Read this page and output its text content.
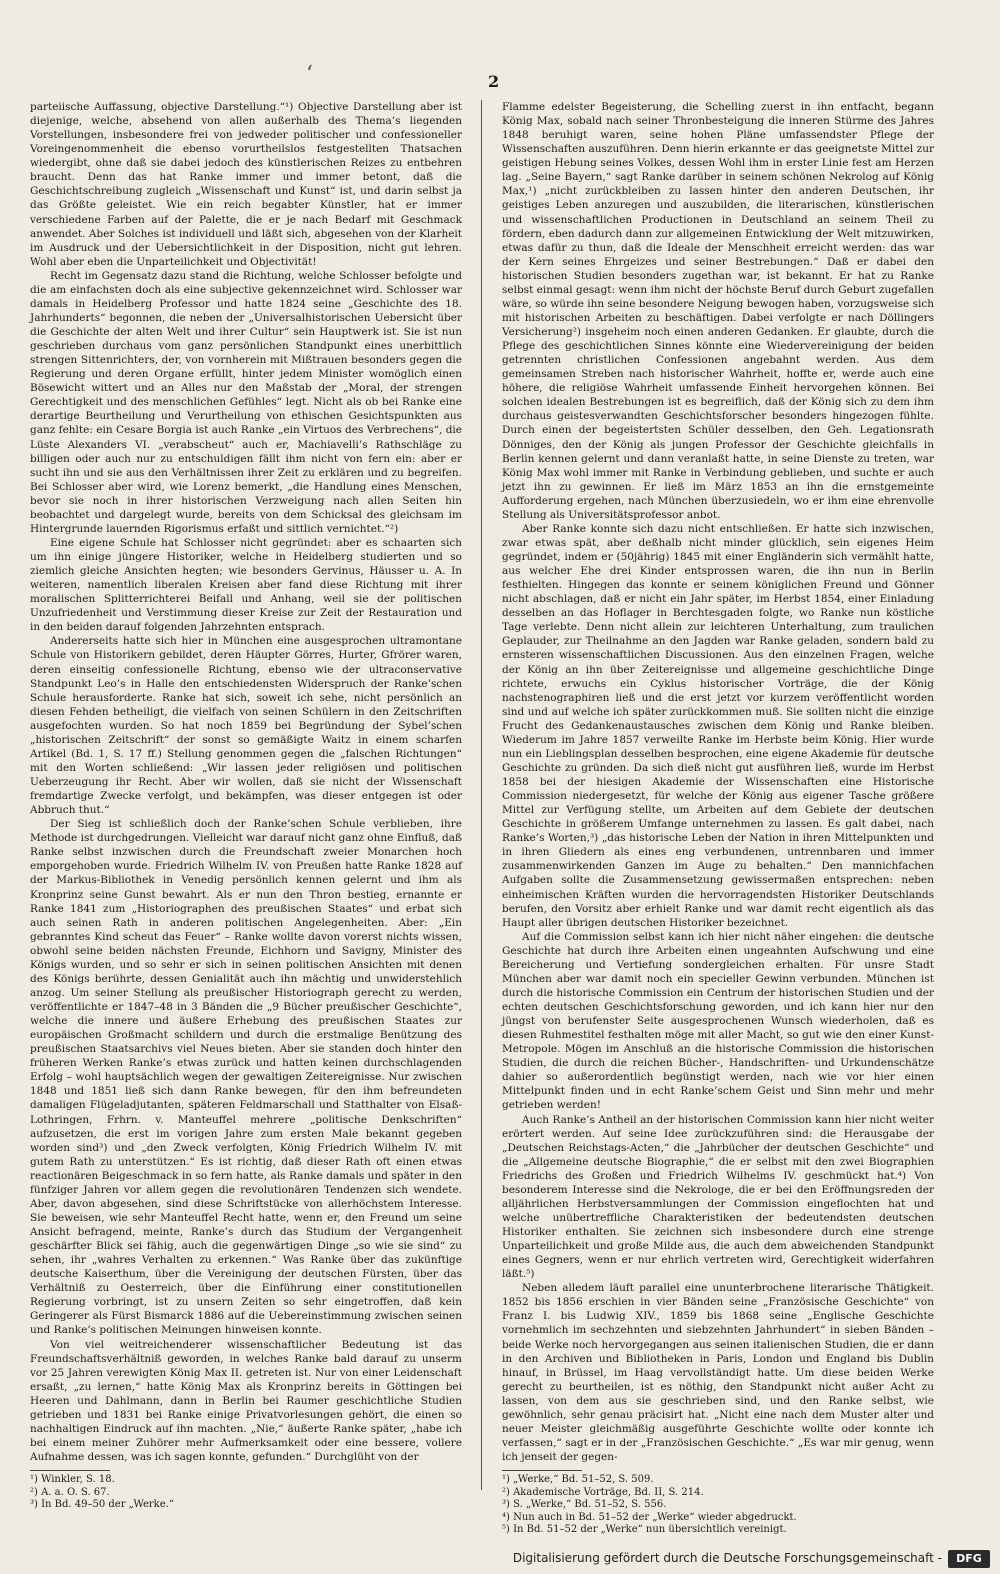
‘	2

parteiische Auffassung, objective Darstellung.“¹) Objective Darstellung aber ist diejenige, welche, absehend von allen außerhalb des Thema’s liegenden Vorstellungen, insbesondere frei von jedweder politischer und confessioneller Voreingenommenheit die ebenso vorurtheilslos festgestellten Thatsachen wiedergibt, ohne daß sie dabei jedoch des künstlerischen Reizes zu entbehren braucht. Denn das hat Ranke immer und immer betont, daß die Geschichtschreibung zugleich „Wissenschaft und Kunst“ ist, und darin selbst ja das Größte geleistet. Wie ein reich begabter Künstler, hat er immer verschiedene Farben auf der Palette, die er je nach Bedarf mit Geschmack anwendet. Aber Solches ist individuell und läßt sich, abgesehen von der Klarheit im Ausdruck und der Uebersichtlichkeit in der Disposition, nicht gut lehren. Wohl aber eben die Unparteilichkeit und Objectivität!

Recht im Gegensatz dazu stand die Richtung, welche Schlosser befolgte und die am einfachsten doch als eine subjective gekennzeichnet wird. Schlosser war damals in Heidelberg Professor und hatte 1824 seine „Geschichte des 18. Jahrhunderts“ begonnen, die neben der „Universalhistorischen Uebersicht über die Geschichte der alten Welt und ihrer Cultur“ sein Hauptwerk ist. Sie ist nun geschrieben durchaus vom ganz persönlichen Standpunkt eines unerbittlich strengen Sittenrichters, der, von vornherein mit Mißtrauen besonders gegen die Regierung und deren Organe erfüllt, hinter jedem Minister womöglich einen Bösewicht wittert und an Alles nur den Maßstab der „Moral, der strengen Gerechtigkeit und des menschlichen Gefühles“ legt. Nicht als ob bei Ranke eine derartige Beurtheilung und Verurtheilung von ethischen Gesichtspunkten aus ganz fehlte: ein Cesare Borgia ist auch Ranke „ein Virtuos des Verbrechens“, die Lüste Alexanders VI. „verabscheut“ auch er, Machiavelli’s Rathschläge zu billigen oder auch nur zu entschuldigen fällt ihm nicht von fern ein: aber er sucht ihn und sie aus den Verhältnissen ihrer Zeit zu erklären und zu begreifen. Bei Schlosser aber wird, wie Lorenz bemerkt, „die Handlung eines Menschen, bevor sie noch in ihrer historischen Verzweigung nach allen Seiten hin beobachtet und dargelegt wurde, bereits von dem Schicksal des gleichsam im Hintergrunde lauernden Rigorismus erfaßt und sittlich vernichtet.“²)

Eine eigene Schule hat Schlosser nicht gegründet: aber es schaarten sich um ihn einige jüngere Historiker, welche in Heidelberg studierten und so ziemlich gleiche Ansichten hegten; wie besonders Gervinus, Häusser u. A. In weiteren, namentlich liberalen Kreisen aber fand diese Richtung mit ihrer moralischen Splitterrichterei Beifall und Anhang, weil sie der politischen Unzufriedenheit und Verstimmung dieser Kreise zur Zeit der Restauration und in den beiden darauf folgenden Jahrzehnten entsprach.

Andererseits hatte sich hier in München eine ausgesprochen ultramontane Schule von Historikern gebildet, deren Häupter Görres, Hurter, Gfrörer waren, deren einseitig confessionelle Richtung, ebenso wie der ultraconservative Standpunkt Leo’s in Halle den entschiedensten Widerspruch der Ranke’schen Schule herausforderte. Ranke hat sich, soweit ich sehe, nicht persönlich an diesen Fehden betheiligt, die vielfach von seinen Schülern in den Zeitschriften ausgefochten wurden. So hat noch 1859 bei Begründung der Sybel’schen „historischen Zeitschrift“ der sonst so gemäßigte Waitz in einem scharfen Artikel (Bd. 1, S. 17 ff.) Stellung genommen gegen die „falschen Richtungen“ mit den Worten schließend: „Wir lassen jeder religiösen und politischen Ueberzeugung ihr Recht. Aber wir wollen, daß sie nicht der Wissenschaft fremdartige Zwecke verfolgt, und bekämpfen, was dieser entgegen ist oder Abbruch thut.“

Der Sieg ist schließlich doch der Ranke’schen Schule verblieben, ihre Methode ist durchgedrungen. Vielleicht war darauf nicht ganz ohne Einfluß, daß Ranke selbst inzwischen durch die Freundschaft zweier Monarchen hoch emporgehoben wurde. Friedrich Wilhelm IV. von Preußen hatte Ranke 1828 auf der Markus-Bibliothek in Venedig persönlich kennen gelernt und ihm als Kronprinz seine Gunst bewahrt. Als er nun den Thron bestieg, ernannte er Ranke 1841 zum „Historiographen des preußischen Staates“ und erbat sich auch seinen Rath in anderen politischen Angelegenheiten. Aber: „Ein gebranntes Kind scheut das Feuer“ – Ranke wollte davon vorerst nichts wissen, obwohl seine beiden nächsten Freunde, Eichhorn und Savigny, Minister des Königs wurden, und so sehr er sich in seinen politischen Ansichten mit denen des Königs berührte, dessen Genialität auch ihn mächtig und unwiderstehlich anzog. Um seiner Stellung als preußischer Historiograph gerecht zu werden, veröffentlichte er 1847–48 in 3 Bänden die „9 Bücher preußischer Geschichte“, welche die innere und äußere Erhebung des preußischen Staates zur europäischen Großmacht schildern und durch die erstmalige Benützung des preußischen Staatsarchivs viel Neues bieten. Aber sie standen doch hinter den früheren Werken Ranke’s etwas zurück und hatten keinen durchschlagenden Erfolg – wohl hauptsächlich wegen der gewaltigen Zeitereignisse. Nur zwischen 1848 und 1851 ließ sich dann Ranke bewegen, für den ihm befreundeten damaligen Flügeladjutanten, späteren Feldmarschall und Statthalter von Elsaß-Lothringen, Frhrn. v. Manteuffel mehrere „politische Denkschriften“ aufzusetzen, die erst im vorigen Jahre zum ersten Male bekannt gegeben worden sind³) und „den Zweck verfolgten, König Friedrich Wilhelm IV. mit gutem Rath zu unterstützen.“ Es ist richtig, daß dieser Rath oft einen etwas reactionären Beigeschmack in so fern hatte, als Ranke damals und später in den fünfziger Jahren vor allem gegen die revolutionären Tendenzen sich wendete. Aber, davon abgesehen, sind diese Schriftstücke von allerhöchstem Interesse. Sie beweisen, wie sehr Manteuffel Recht hatte, wenn er, den Freund um seine Ansicht befragend, meinte, Ranke’s durch das Studium der Vergangenheit geschärfter Blick sei fähig, auch die gegenwärtigen Dinge „so wie sie sind“ zu sehen, ihr „wahres Verhalten zu erkennen.“ Was Ranke über das zukünftige deutsche Kaiserthum, über die Vereinigung der deutschen Fürsten, über das Verhältniß zu Oesterreich, über die Einführung einer constitutionellen Regierung vorbringt, ist zu unsern Zeiten so sehr eingetroffen, daß kein Geringerer als Fürst Bismarck 1886 auf die Uebereinstimmung zwischen seinen und Ranke’s politischen Meinungen hinweisen konnte.

Von viel weitreichenderer wissenschaftlicher Bedeutung ist das Freundschaftsverhältniß geworden, in welches Ranke bald darauf zu unserm vor 25 Jahren verewigten König Max II. getreten ist. Nur von einer Leidenschaft ersaßt, „zu lernen,“ hatte König Max als Kronprinz bereits in Göttingen bei Heeren und Dahlmann, dann in Berlin bei Raumer geschichtliche Studien getrieben und 1831 bei Ranke einige Privatvorlesungen gehört, die einen so nachhaltigen Eindruck auf ihn machten. „Nie,“ äußerte Ranke später, „habe ich bei einem meiner Zuhörer mehr Aufmerksamkeit oder eine bessere, vollere Aufnahme dessen, was ich sagen konnte, gefunden.“ Durchglüht von der

¹) Winkler, S. 18.

²) A. a. O. S. 67.

³) In Bd. 49–50 der „Werke.“

Flamme edelster Begeisterung, die Schelling zuerst in ihn entfacht, begann König Max, sobald nach seiner Thronbesteigung die inneren Stürme des Jahres 1848 beruhigt waren, seine hohen Pläne umfassendster Pflege der Wissenschaften auszuführen. Denn hierin erkannte er das geeignetste Mittel zur geistigen Hebung seines Volkes, dessen Wohl ihm in erster Linie fest am Herzen lag. „Seine Bayern,“ sagt Ranke darüber in seinem schönen Nekrolog auf König Max,¹) „nicht zurückbleiben zu lassen hinter den anderen Deutschen, ihr geistiges Leben anzuregen und auszubilden, die literarischen, künstlerischen und wissenschaftlichen Productionen in Deutschland an seinem Theil zu fördern, eben dadurch dann zur allgemeinen Entwicklung der Welt mitzuwirken, etwas dafür zu thun, daß die Ideale der Menschheit erreicht werden: das war der Kern seines Ehrgeizes und seiner Bestrebungen.“ Daß er dabei den historischen Studien besonders zugethan war, ist bekannt. Er hat zu Ranke selbst einmal gesagt: wenn ihm nicht der höchste Beruf durch Geburt zugefallen wäre, so würde ihn seine besondere Neigung bewogen haben, vorzugsweise sich mit historischen Arbeiten zu beschäftigen. Dabei verfolgte er nach Döllingers Versicherung²) insgeheim noch einen anderen Gedanken. Er glaubte, durch die Pflege des geschichtlichen Sinnes könnte eine Wiedervereinigung der beiden getrennten christlichen Confessionen angebahnt werden. Aus dem gemeinsamen Streben nach historischer Wahrheit, hoffte er, werde auch eine höhere, die religiöse Wahrheit umfassende Einheit hervorgehen können. Bei solchen idealen Bestrebungen ist es begreiflich, daß der König sich zu dem ihm durchaus geistesverwandten Geschichtsforscher besonders hingezogen fühlte. Durch einen der begeistertsten Schüler desselben, den Geh. Legationsrath Dönniges, den der König als jungen Professor der Geschichte gleichfalls in Berlin kennen gelernt und dann veranlaßt hatte, in seine Dienste zu treten, war König Max wohl immer mit Ranke in Verbindung geblieben, und suchte er auch jetzt ihn zu gewinnen. Er ließ im März 1853 an ihn die ernstgemeinte Aufforderung ergehen, nach München überzusiedeln, wo er ihm eine ehrenvolle Stellung als Universitätsprofessor anbot.

Aber Ranke konnte sich dazu nicht entschließen. Er hatte sich inzwischen, zwar etwas spät, aber deßhalb nicht minder glücklich, sein eigenes Heim gegründet, indem er (50jährig) 1845 mit einer Engländerin sich vermählt hatte, aus welcher Ehe drei Kinder entsprossen waren, die ihn nun in Berlin festhielten. Hingegen das konnte er seinem königlichen Freund und Gönner nicht abschlagen, daß er nicht ein Jahr später, im Herbst 1854, einer Einladung desselben an das Hoflager in Berchtesgaden folgte, wo Ranke nun köstliche Tage verlebte. Denn nicht allein zur leichteren Unterhaltung, zum traulichen Geplauder, zur Theilnahme an den Jagden war Ranke geladen, sondern bald zu ernsteren wissenschaftlichen Discussionen. Aus den einzelnen Fragen, welche der König an ihn über Zeitereignisse und allgemeine geschichtliche Dinge richtete, erwuchs ein Cyklus historischer Vorträge, die der König nachstenographiren ließ und die erst jetzt vor kurzem veröffentlicht worden sind und auf welche ich später zurückkommen muß. Sie sollten nicht die einzige Frucht des Gedankenaustausches zwischen dem König und Ranke bleiben. Wiederum im Jahre 1857 verweilte Ranke im Herbste beim König. Hier wurde nun ein Lieblingsplan desselben besprochen, eine eigene Akademie für deutsche Geschichte zu gründen. Da sich dieß nicht gut ausführen ließ, wurde im Herbst 1858 bei der hiesigen Akademie der Wissenschaften eine Historische Commission niedergesetzt, für welche der König aus eigener Tasche größere Mittel zur Verfügung stellte, um Arbeiten auf dem Gebiete der deutschen Geschichte in größerem Umfange unternehmen zu lassen. Es galt dabei, nach Ranke’s Worten,³) „das historische Leben der Nation in ihren Mittelpunkten und in ihren Gliedern als eines eng verbundenen, untrennbaren und immer zusammenwirkenden Ganzen im Auge zu behalten.“ Den mannichfachen Aufgaben sollte die Zusammensetzung gewissermaßen entsprechen: neben einheimischen Kräften wurden die hervorragendsten Historiker Deutschlands berufen, den Vorsitz aber erhielt Ranke und war damit recht eigentlich als das Haupt aller übrigen deutschen Historiker bezeichnet.

Auf die Commission selbst kann ich hier nicht näher eingehen: die deutsche Geschichte hat durch ihre Arbeiten einen ungeahnten Aufschwung und eine Bereicherung und Vertiefung sondergleichen erhalten. Für unsre Stadt München aber war damit noch ein specieller Gewinn verbunden. München ist durch die historische Commission ein Centrum der historischen Studien und der echten deutschen Geschichtsforschung geworden, und ich kann hier nur den jüngst von berufenster Seite ausgesprochenen Wunsch wiederholen, daß es diesen Ruhmestitel festhalten möge mit aller Macht, so gut wie den einer Kunst-Metropole. Mögen im Anschluß an die historische Commission die historischen Studien, die durch die reichen Bücher-, Handschriften- und Urkundenschätze dahier so außerordentlich begünstigt werden, nach wie vor hier einen Mittelpunkt finden und in echt Ranke’schem Geist und Sinn mehr und mehr getrieben werden!

Auch Ranke’s Antheil an der historischen Commission kann hier nicht weiter erörtert werden. Auf seine Idee zurückzuführen sind: die Herausgabe der „Deutschen Reichstags-Acten,“ die „Jahrbücher der deutschen Geschichte“ und die „Allgemeine deutsche Biographie,“ die er selbst mit den zwei Biographien Friedrichs des Großen und Friedrich Wilhelms IV. geschmückt hat.⁴) Von besonderem Interesse sind die Nekrologe, die er bei den Eröffnungsreden der alljährlichen Herbstversammlungen der Commission eingeflochten hat und welche unübertreffliche Charakteristiken der bedeutendsten deutschen Historiker enthalten. Sie zeichnen sich insbesondere durch eine strenge Unparteilichkeit und große Milde aus, die auch dem abweichenden Standpunkt eines Gegners, wenn er nur ehrlich vertreten wird, Gerechtigkeit widerfahren läßt.⁵)

Neben alledem läuft parallel eine ununterbrochene literarische Thätigkeit. 1852 bis 1856 erschien in vier Bänden seine „Französische Geschichte“ von Franz I. bis Ludwig XIV., 1859 bis 1868 seine „Englische Geschichte vornehmlich im sechzehnten und siebzehnten Jahrhundert“ in sieben Bänden – beide Werke noch hervorgegangen aus seinen italienischen Studien, die er dann in den Archiven und Bibliotheken in Paris, London und England bis Dublin hinauf, in Brüssel, im Haag vervollständigt hatte. Um diese beiden Werke gerecht zu beurtheilen, ist es nöthig, den Standpunkt nicht außer Acht zu lassen, von dem aus sie geschrieben sind, und den Ranke selbst, wie gewöhnlich, sehr genau präcisirt hat. „Nicht eine nach dem Muster alter und neuer Meister gleichmäßig ausgeführte Geschichte wollte oder konnte ich verfassen,“ sagt er in der „Französischen Geschichte.“ „Es war mir genug, wenn ich jenseit der gegen-

¹) „Werke,“ Bd. 51–52, S. 509.

²) Akademische Vorträge, Bd. II, S. 214.

³) S. „Werke,“ Bd. 51–52, S. 556.

⁴) Nun auch in Bd. 51–52 der „Werke“ wieder abgedruckt.

⁵) In Bd. 51–52 der „Werke“ nun übersichtlich vereinigt.

Digitalisierung gefördert durch die Deutsche Forschungsgemeinschaft -	DFG
